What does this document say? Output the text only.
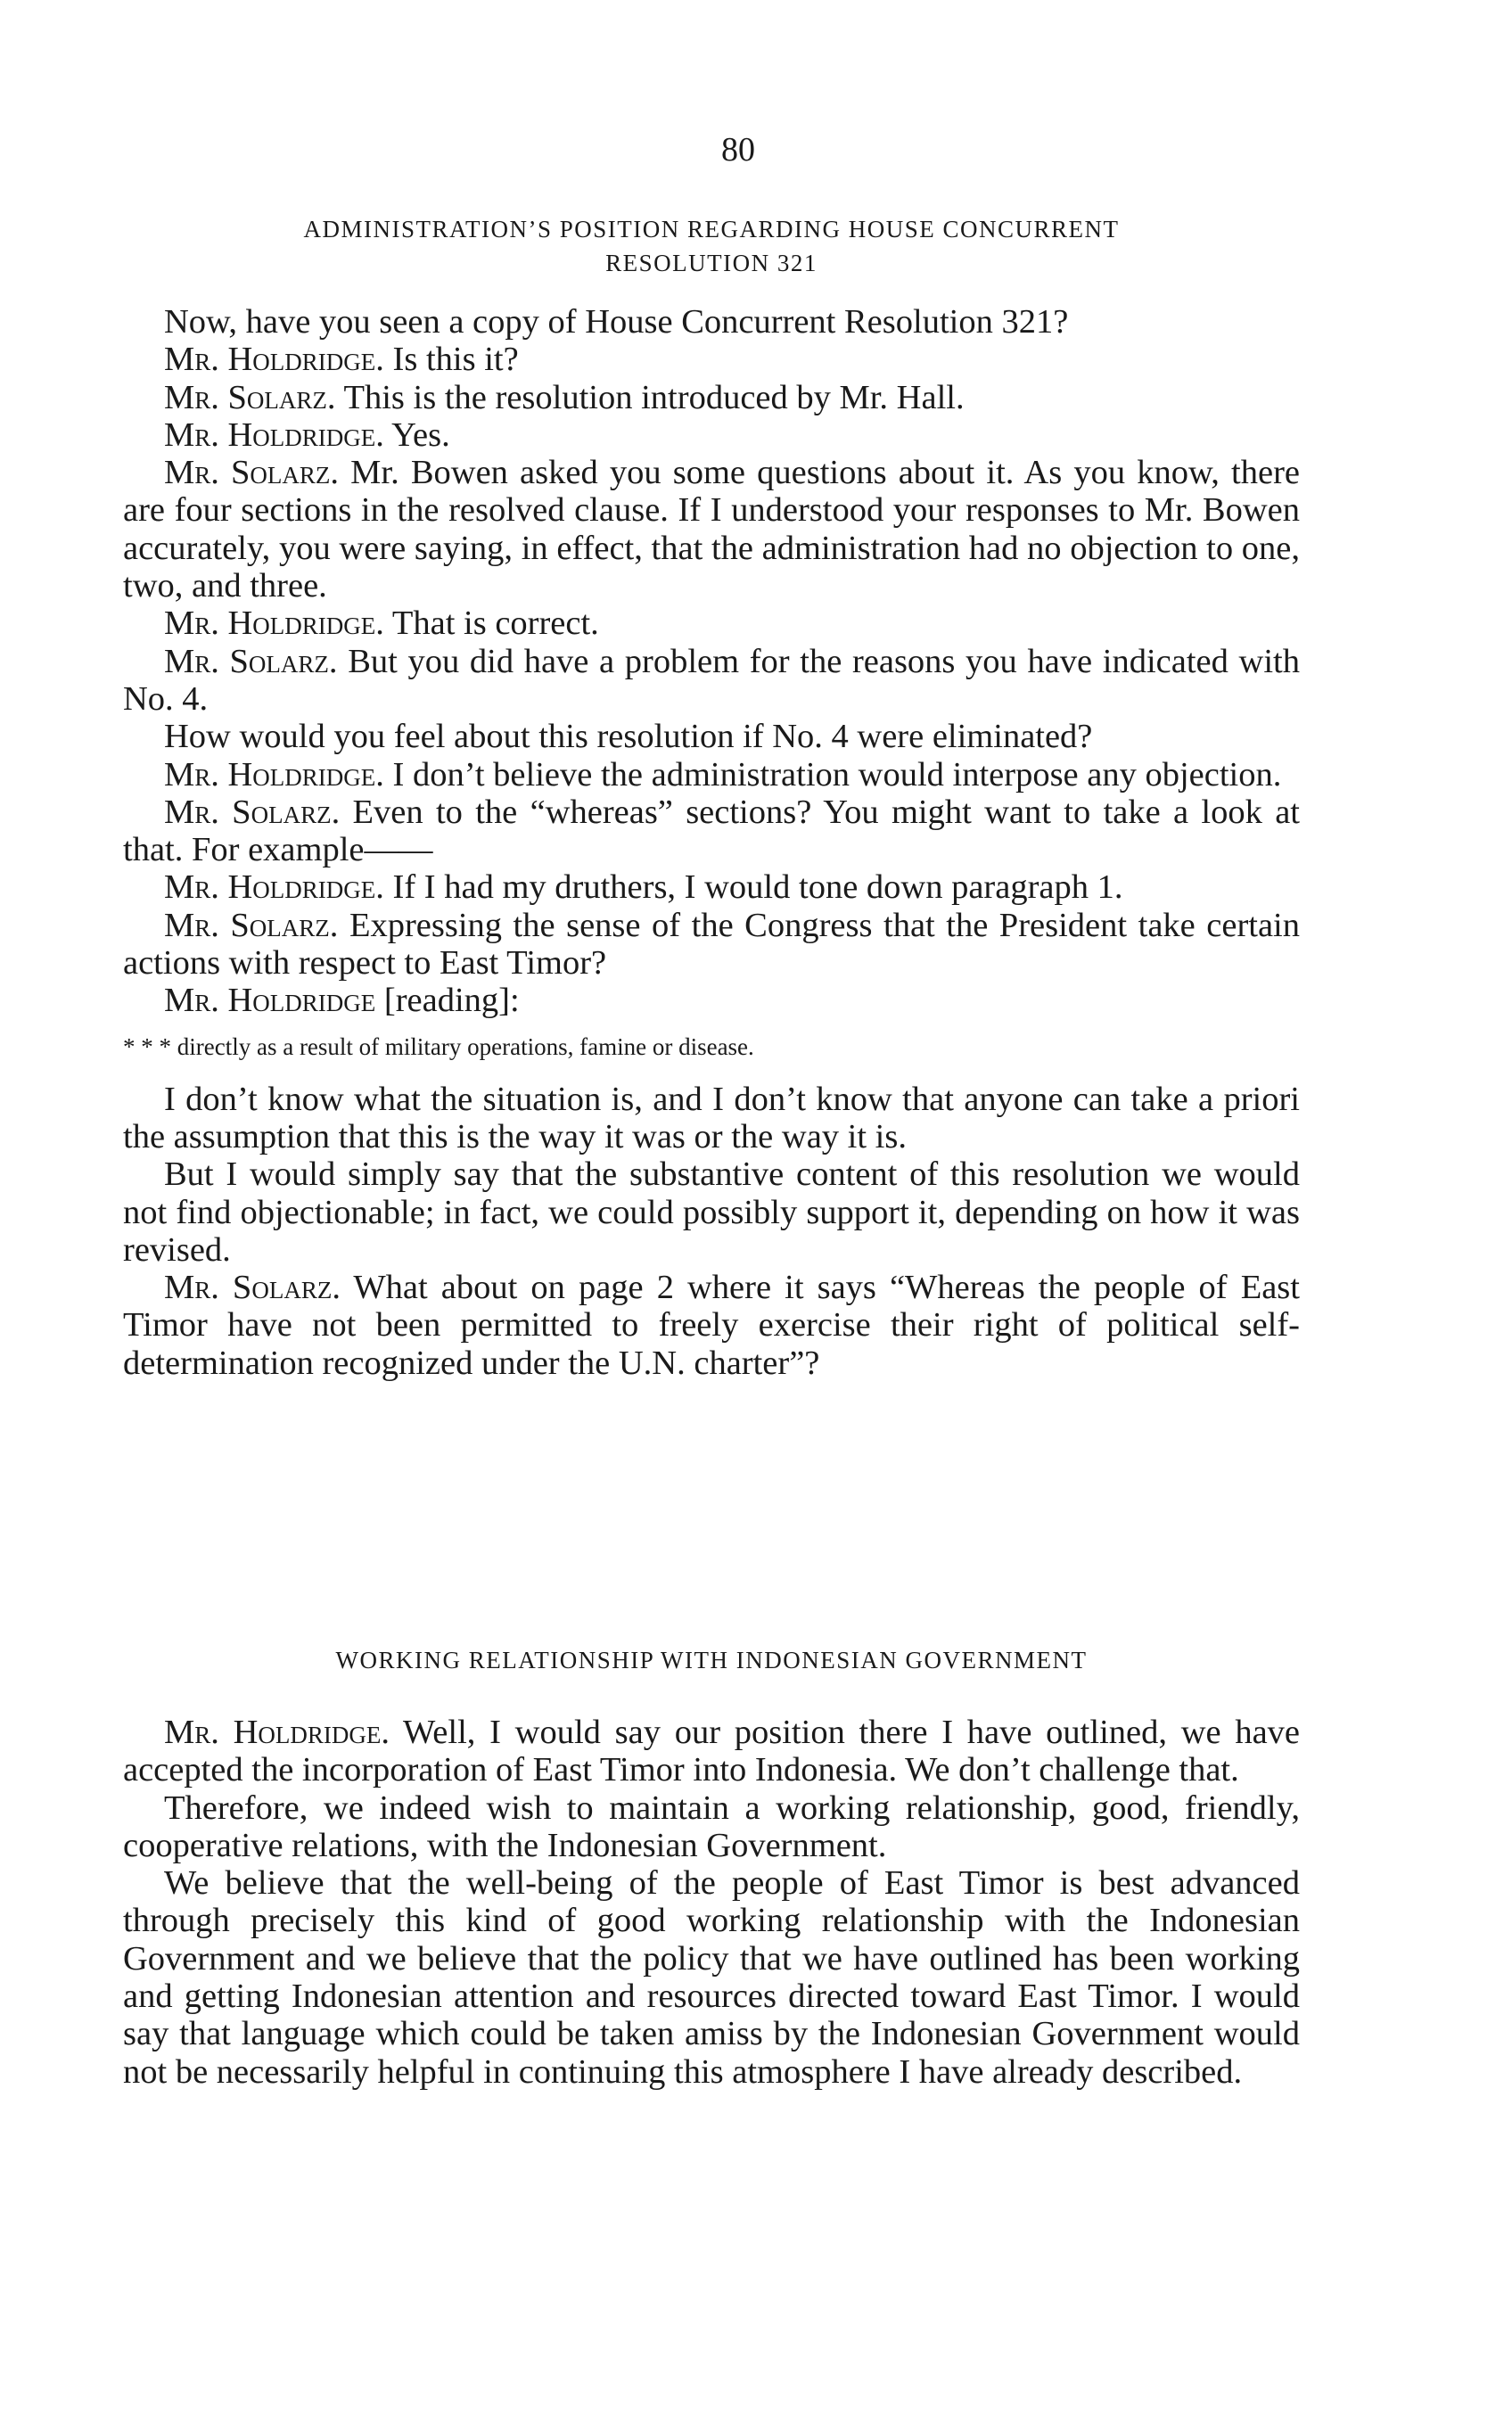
80
ADMINISTRATION’S POSITION REGARDING HOUSE CONCURRENT
RESOLUTION 321

Now, have you seen a copy of House Concurrent Resolution 321?

Mr. Holdridge. Is this it?

Mr. Solarz. This is the resolution introduced by Mr. Hall.

Mr. Holdridge. Yes.

Mr. Solarz. Mr. Bowen asked you some questions about it. As you know, there are four sections in the resolved clause. If I understood your responses to Mr. Bowen accurately, you were saying, in effect, that the administration had no objection to one, two, and three.

Mr. Holdridge. That is correct.

Mr. Solarz. But you did have a problem for the reasons you have indicated with No. 4.

How would you feel about this resolution if No. 4 were eliminated?

Mr. Holdridge. I don’t believe the administration would interpose any objection.

Mr. Solarz. Even to the “whereas” sections? You might want to take a look at that. For example——

Mr. Holdridge. If I had my druthers, I would tone down paragraph 1.

Mr. Solarz. Expressing the sense of the Congress that the President take certain actions with respect to East Timor?

Mr. Holdridge [reading]:

* * * directly as a result of military operations, famine or disease.

I don’t know what the situation is, and I don’t know that anyone can take a priori the assumption that this is the way it was or the way it is.

But I would simply say that the substantive content of this resolution we would not find objectionable; in fact, we could possibly support it, depending on how it was revised.

Mr. Solarz. What about on page 2 where it says “Whereas the people of East Timor have not been permitted to freely exercise their right of political self-determination recognized under the U.N. charter”?

WORKING RELATIONSHIP WITH INDONESIAN GOVERNMENT

Mr. Holdridge. Well, I would say our position there I have outlined, we have accepted the incorporation of East Timor into Indonesia. We don’t challenge that.

Therefore, we indeed wish to maintain a working relationship, good, friendly, cooperative relations, with the Indonesian Government.

We believe that the well-being of the people of East Timor is best advanced through precisely this kind of good working relationship with the Indonesian Government and we believe that the policy that we have outlined has been working and getting Indonesian attention and resources directed toward East Timor. I would say that language which could be taken amiss by the Indonesian Government would not be necessarily helpful in continuing this atmosphere I have already described.
